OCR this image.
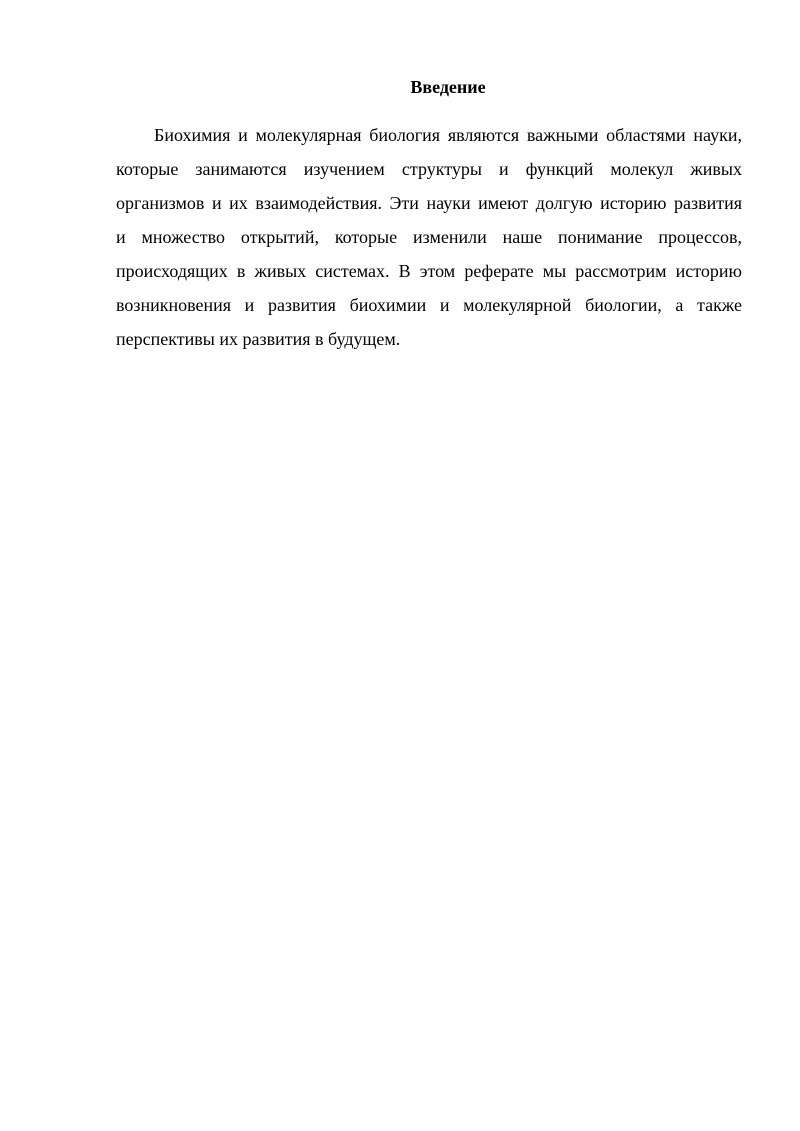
Введение
Биохимия и молекулярная биология являются важными областями науки,
которые занимаются изучением структуры и функций молекул живых
организмов и их взаимодействия. Эти науки имеют долгую историю развития
и множество открытий, которые изменили наше понимание процессов,
происходящих в живых системах. В этом реферате мы рассмотрим историю
возникновения и развития биохимии и молекулярной биологии, а также
перспективы их развития в будущем.
